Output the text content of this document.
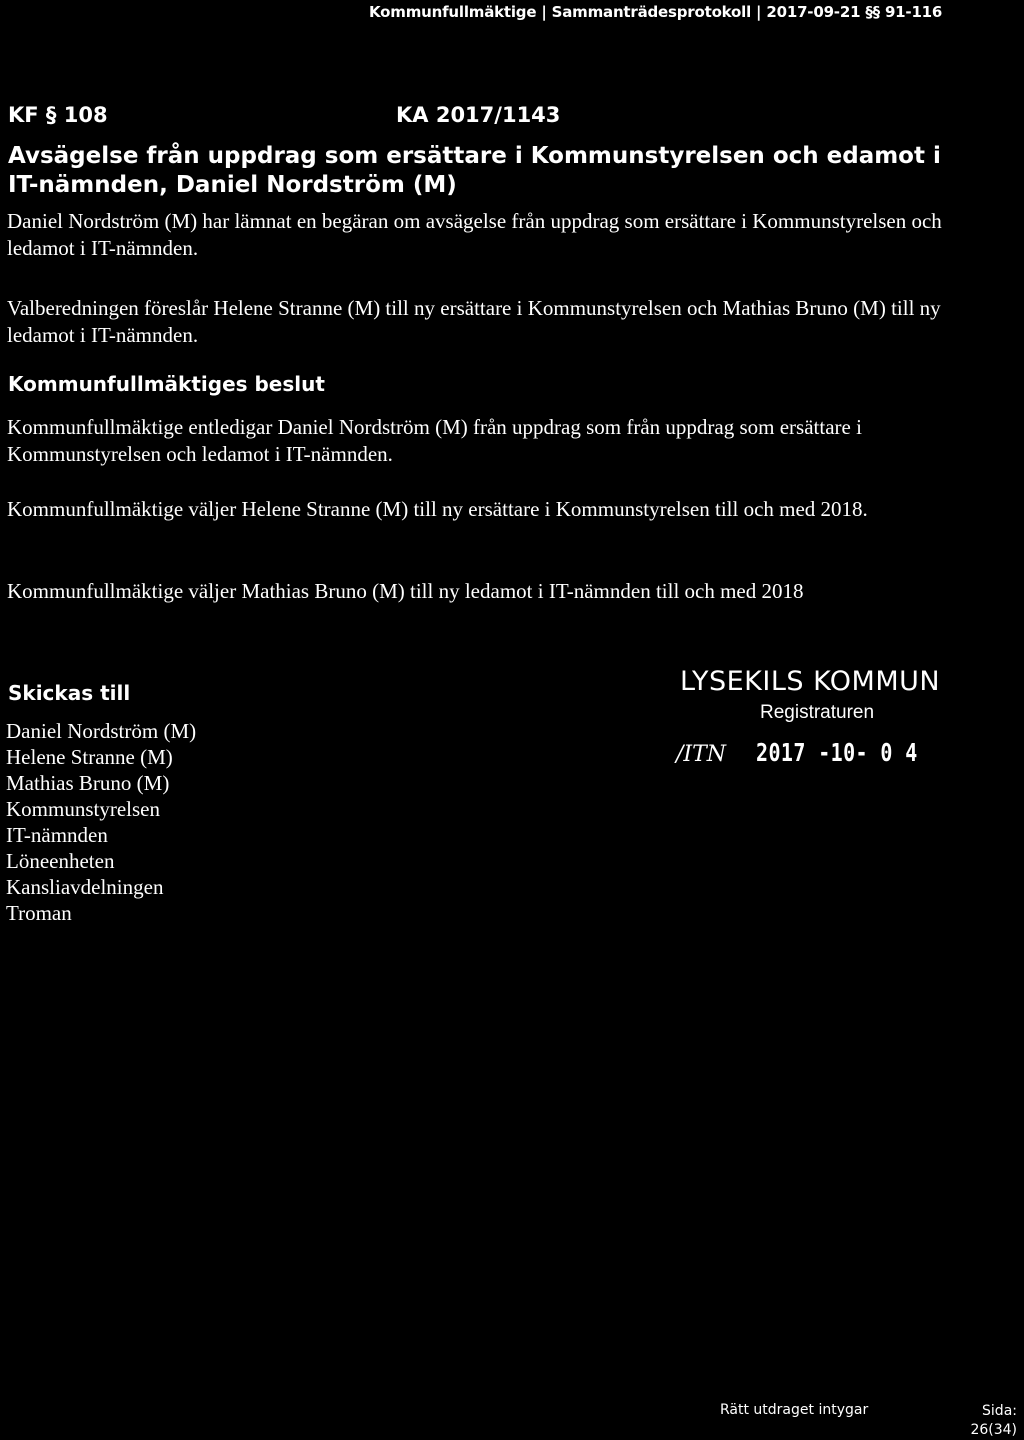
Kommunfullmäktige | Sammanträdesprotokoll | 2017-09-21 §§ 91-116
KF § 108	KA 2017/1143
Avsägelse från uppdrag som ersättare i Kommunstyrelsen och edamot i IT-nämnden, Daniel Nordström (M)

Daniel Nordström (M) har lämnat en begäran om avsägelse från uppdrag som ersättare i Kommunstyrelsen och ledamot i IT-nämnden.

Valberedningen föreslår Helene Stranne (M) till ny ersättare i Kommunstyrelsen och Mathias Bruno (M) till ny ledamot i IT-nämnden.

Kommunfullmäktiges beslut

Kommunfullmäktige entledigar Daniel Nordström (M) från uppdrag som från uppdrag som ersättare i Kommunstyrelsen och ledamot i IT-nämnden.

Kommunfullmäktige väljer Helene Stranne (M) till ny ersättare i Kommunstyrelsen till och med 2018.

Kommunfullmäktige väljer Mathias Bruno (M) till ny ledamot i IT-nämnden till och med 2018

Skickas till
Daniel Nordström (M)
Helene Stranne (M)
Mathias Bruno (M)
Kommunstyrelsen
IT-nämnden
Löneenheten
Kansliavdelningen
Troman
LYSEKILS KOMMUN
Registraturen
/ITN 2017 -10- 0 4
Rätt utdraget intygar	Sida:
26(34)
